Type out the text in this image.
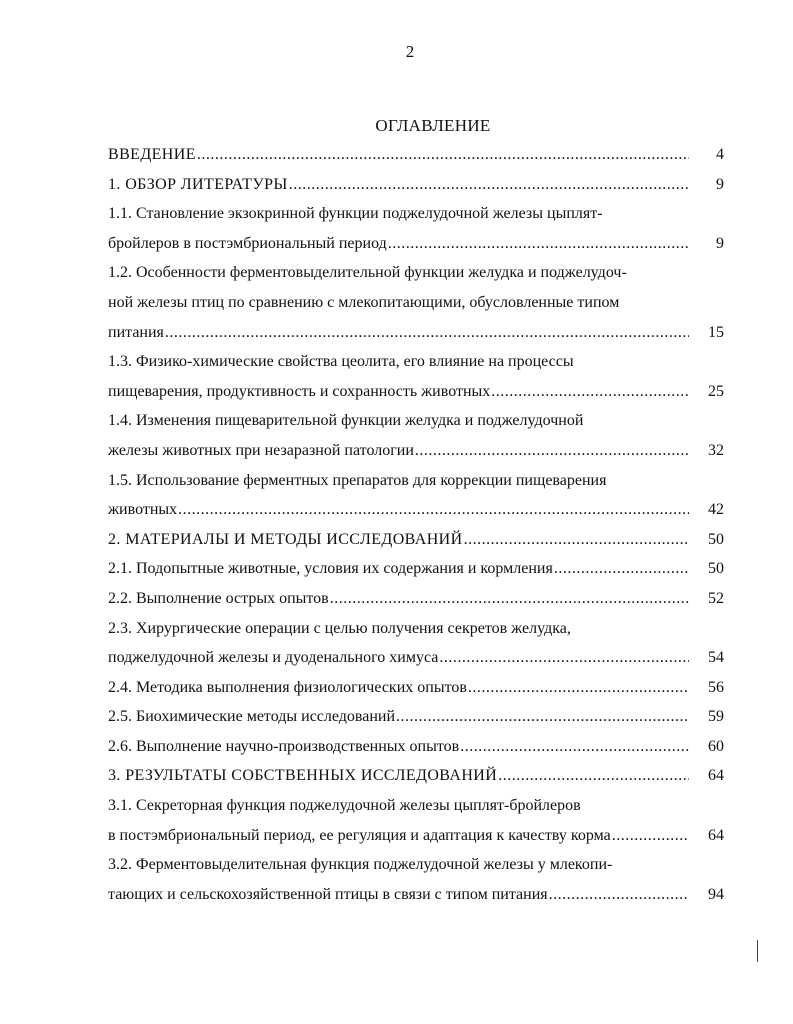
2
ОГЛАВЛЕНИЕ
ВВЕДЕНИЕ .....	4
1. ОБЗОР ЛИТЕРАТУРЫ .....	9
1.1. Становление экзокринной функции поджелудочной железы цыплят-
бройлеров в постэмбриональный период .....	9
1.2. Особенности ферментовыделительной функции желудка и поджелудоч-
ной железы птиц по сравнению с млекопитающими, обусловленные типом
питания .....	15
1.3. Физико-химические свойства цеолита, его влияние на процессы
пищеварения, продуктивность и сохранность животных .....	25
1.4. Изменения пищеварительной функции желудка и поджелудочной
железы животных при незаразной патологии .....	32
1.5. Использование ферментных препаратов для коррекции пищеварения
животных .....	42
2. МАТЕРИАЛЫ И МЕТОДЫ ИССЛЕДОВАНИЙ .....	50
2.1. Подопытные животные, условия их содержания и кормления .....	50
2.2. Выполнение острых опытов .....	52
2.3. Хирургические операции с целью получения секретов желудка,
поджелудочной железы и дуоденального химуса .....	54
2.4. Методика выполнения физиологических опытов .....	56
2.5. Биохимические методы исследований .....	59
2.6. Выполнение научно-производственных опытов .....	60
3. РЕЗУЛЬТАТЫ СОБСТВЕННЫХ ИССЛЕДОВАНИЙ .....	64
3.1. Секреторная функция поджелудочной железы цыплят-бройлеров
в постэмбриональный период, ее регуляция и адаптация к качеству корма .....	64
3.2. Ферментовыделительная функция поджелудочной железы у млекопи-
тающих и сельскохозяйственной птицы в связи с типом питания .....	94
